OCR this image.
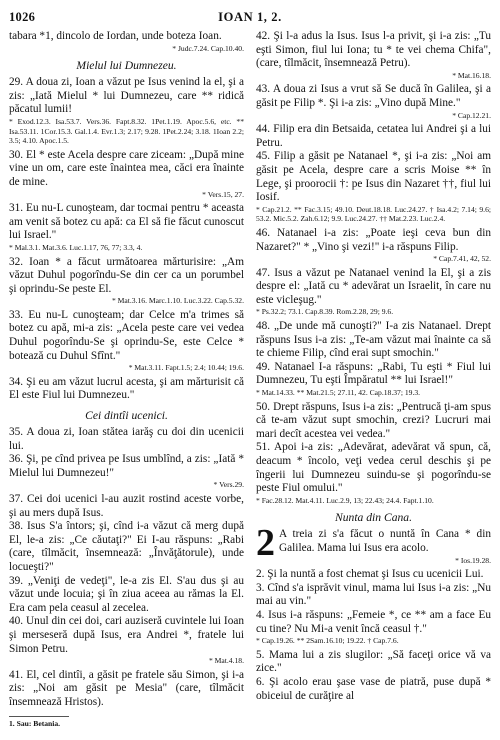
1026	IOAN 1, 2.
tabara *1, dincolo de Iordan, unde boteza Ioan.
* Judc.7.24. Cap.10.40.
Mielul lui Dumnezeu.
29. A doua zi, Ioan a văzut pe Isus venind la el, şi a zis: „Iată Mielul * lui Dumnezeu, care ** ridică păcatul lumii!
* Exod.12.3. Isa.53.7. Vers.36. Fapt.8.32. 1Pet.1.19. Apoc.5.6, etc. ** Isa.53.11. 1Cor.15.3. Gal.1.4. Evr.1.3; 2.17; 9.28. 1Pet.2.24; 3.18. 1Ioan 2.2; 3.5; 4.10. Apoc.1.5.
30. El * este Acela despre care ziceam: „După mine vine un om, care este înaintea mea, căci era înainte de mine.
* Vers.15, 27.
31. Eu nu-L cunoşteam, dar tocmai pentru * aceasta am venit să botez cu apă: ca El să fie făcut cunoscut lui Israel."
* Mal.3.1. Mat.3.6. Luc.1.17, 76, 77; 3.3, 4.
32. Ioan * a făcut următoarea mărturisire: „Am văzut Duhul pogorîndu-Se din cer ca un porumbel şi oprindu-Se peste El.
* Mat.3.16. Marc.1.10. Luc.3.22. Cap.5.32.
33. Eu nu-L cunoşteam; dar Celce m'a trimes să botez cu apă, mi-a zis: „Acela peste care vei vedea Duhul pogorîndu-Se şi oprindu-Se, este Celce * botează cu Duhul Sfînt."
* Mat.3.11. Fapt.1.5; 2.4; 10.44; 19.6.
34. Şi eu am văzut lucrul acesta, şi am mărturisit că El este Fiul lui Dumnezeu."
Cei dintîi ucenici.
35. A doua zi, Ioan stătea iarăş cu doi din ucenicii lui.
36. Şi, pe cînd privea pe Isus umblînd, a zis: „Iată * Mielul lui Dumnezeu!"
* Vers.29.
37. Cei doi ucenici l-au auzit rostind aceste vorbe, şi au mers după Isus.
38. Isus S'a întors; şi, cînd i-a văzut că merg după El, le-a zis: „Ce căutaţi?" Ei I-au răspuns: „Rabi (care, tîlmăcit, însemnează: „Învăţătorule), unde locueşti?"
39. „Veniţi de vedeţi", le-a zis El. S'au dus şi au văzut unde locuia; şi în ziua aceea au rămas la El. Era cam pela ceasul al zecelea.
40. Unul din cei doi, cari auziseră cuvintele lui Ioan şi merseseră după Isus, era Andrei *, fratele lui Simon Petru.
* Mat.4.18.
41. El, cel dintîi, a găsit pe fratele său Simon, şi i-a zis: „Noi am găsit pe Mesia" (care, tîlmăcit însemnează Hristos).
1. Sau: Betania.
42. Şi l-a adus la Isus. Isus l-a privit, şi i-a zis: „Tu eşti Simon, fiul lui Iona; tu * te vei chema Chifa", (care, tîlmăcit, însemnează Petru).
* Mat.16.18.
43. A doua zi Isus a vrut să Se ducă în Galilea, şi a găsit pe Filip *. Şi i-a zis: „Vino după Mine."
* Cap.12.21.
44. Filip era din Betsaida, cetatea lui Andrei şi a lui Petru.
45. Filip a găsit pe Natanael *, şi i-a zis: „Noi am găsit pe Acela, despre care a scris Moise ** în Lege, şi proorocii †: pe Isus din Nazaret ††, fiul lui Iosif.
* Cap.21.2. ** Fac.3.15; 49.10. Deut.18.18. Luc.24.27. † Isa.4.2; 7.14; 9.6; 53.2. Mic.5.2. Zah.6.12; 9.9. Luc.24.27. †† Mat.2.23. Luc.2.4.
46. Natanael i-a zis: „Poate ieşi ceva bun din Nazaret?" * „Vino şi vezi!" i-a răspuns Filip.
* Cap.7.41, 42, 52.
47. Isus a văzut pe Natanael venind la El, şi a zis despre el: „Iată cu * adevărat un Israelit, în care nu este vicleşug."
* Ps.32.2; 73.1. Cap.8.39. Rom.2.28, 29; 9.6.
48. „De unde mă cunoşti?" I-a zis Natanael. Drept răspuns Isus i-a zis: „Te-am văzut mai înainte ca să te chieme Filip, cînd erai supt smochin."
49. Natanael I-a răspuns: „Rabi, Tu eşti * Fiul lui Dumnezeu, Tu eşti Împăratul ** lui Israel!"
* Mat.14.33. ** Mat.21.5; 27.11, 42. Cap.18.37; 19.3.
50. Drept răspuns, Isus i-a zis: „Pentrucă ţi-am spus că te-am văzut supt smochin, crezi? Lucruri mai mari decît acestea vei vedea."
51. Apoi i-a zis: „Adevărat, adevărat vă spun, că, deacum * încolo, veţi vedea cerul deschis şi pe îngerii lui Dumnezeu suindu-se şi pogorîndu-se peste Fiul omului."
* Fac.28.12. Mat.4.11. Luc.2.9, 13; 22.43; 24.4. Fapt.1.10.
Nunta din Cana.
2 A treia zi s'a făcut o nuntă în Cana * din Galilea. Mama lui Isus era acolo.
* Ios.19.28.
2. Şi la nuntă a fost chemat şi Isus cu ucenicii Lui.
3. Cînd s'a isprăvit vinul, mama lui Isus i-a zis: „Nu mai au vin."
4. Isus i-a răspuns: „Femeie *, ce ** am a face Eu cu tine? Nu Mi-a venit încă ceasul †."
* Cap.19.26. ** 2Sam.16.10; 19.22. † Cap.7.6.
5. Mama lui a zis slugilor: „Să faceţi orice vă va zice."
6. Şi acolo erau şase vase de piatră, puse după * obiceiul de curăţire al
